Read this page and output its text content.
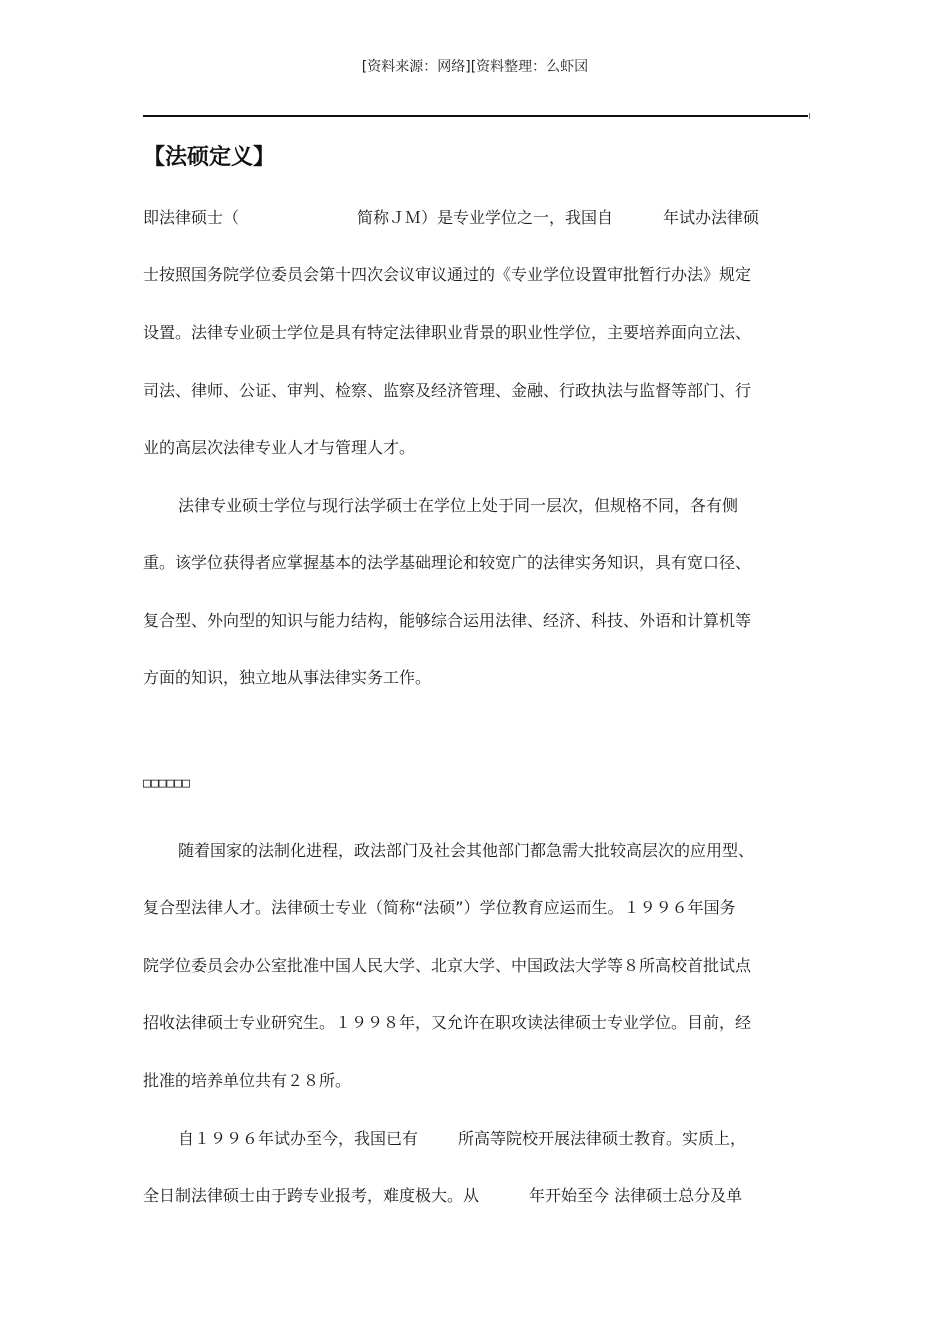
[资料来源：网络][资料整理：么虾㘝
【法硕定义】
即法律硕士（	简称ＪＭ）是专业学位之一，我国自	年试办法律硕
士按照国务院学位委员会第十四次会议审议通过的《专业学位设置审批暂行办法》规定
设置。法律专业硕士学位是具有特定法律职业背景的职业性学位，主要培养面向立法、
司法、律师、公证、审判、检察、监察及经济管理、金融、行政执法与监督等部门、行
业的高层次法律专业人才与管理人才。
法律专业硕士学位与现行法学硕士在学位上处于同一层次，但规格不同，各有侧
重。该学位获得者应掌握基本的法学基础理论和较宽广的法律实务知识，具有宽口径、
复合型、外向型的知识与能力结构，能够综合运用法律、经济、科技、外语和计算机等
方面的知识，独立地从事法律实务工作。
□□□□□□
随着国家的法制化进程，政法部门及社会其他部门都急需大批较高层次的应用型、
复合型法律人才。法律硕士专业（简称“法硕”）学位教育应运而生。１９９６年国务
院学位委员会办公室批准中国人民大学、北京大学、中国政法大学等８所高校首批试点
招收法律硕士专业研究生。１９９８年，又允许在职攻读法律硕士专业学位。目前，经
批准的培养单位共有２８所。
自１９９６年试办至今，我国已有	所高等院校开展法律硕士教育。实质上，
全日制法律硕士由于跨专业报考，难度极大。从	年开始至今 法律硕士总分及单
